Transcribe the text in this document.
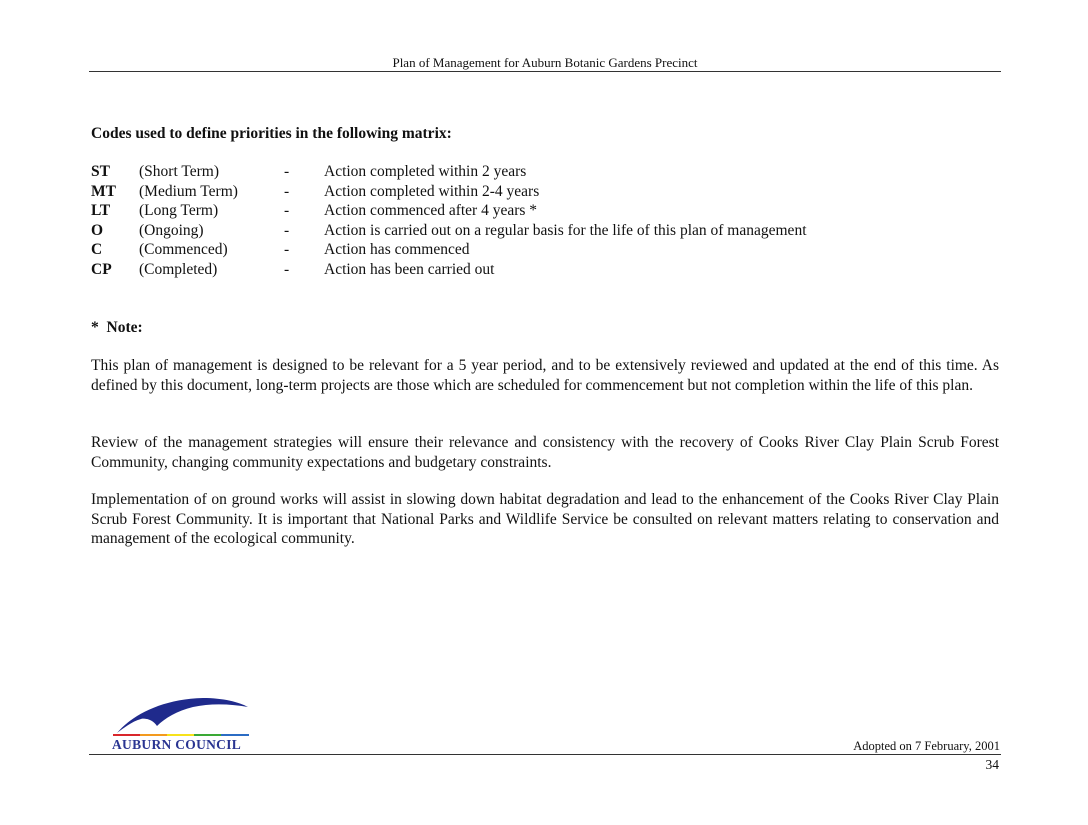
Plan of Management for Auburn Botanic Gardens Precinct
Codes used to define priorities in the following matrix:
ST (Short Term)	- Action completed within 2 years
MT (Medium Term)	- Action completed within 2-4 years
LT (Long Term)	- Action commenced after 4 years *
O (Ongoing)	- Action is carried out on a regular basis for the life of this plan of management
C (Commenced)	- Action has commenced
CP (Completed)	- Action has been carried out
*  Note:

This plan of management is designed to be relevant for a 5 year period, and to be extensively reviewed and updated at the end of this time. As defined by this document, long-term projects are those which are scheduled for commencement but not completion within the life of this plan.

Review of the management strategies will ensure their relevance and consistency with the recovery of Cooks River Clay Plain Scrub Forest Community, changing community expectations and budgetary constraints.

Implementation of on ground works will assist in slowing down habitat degradation and lead to the enhancement of the Cooks River Clay Plain Scrub Forest Community. It is important that National Parks and Wildlife Service be consulted on relevant matters relating to conservation and management of the ecological community.

AUBURN COUNCIL	Adopted on 7 February, 2001
34
